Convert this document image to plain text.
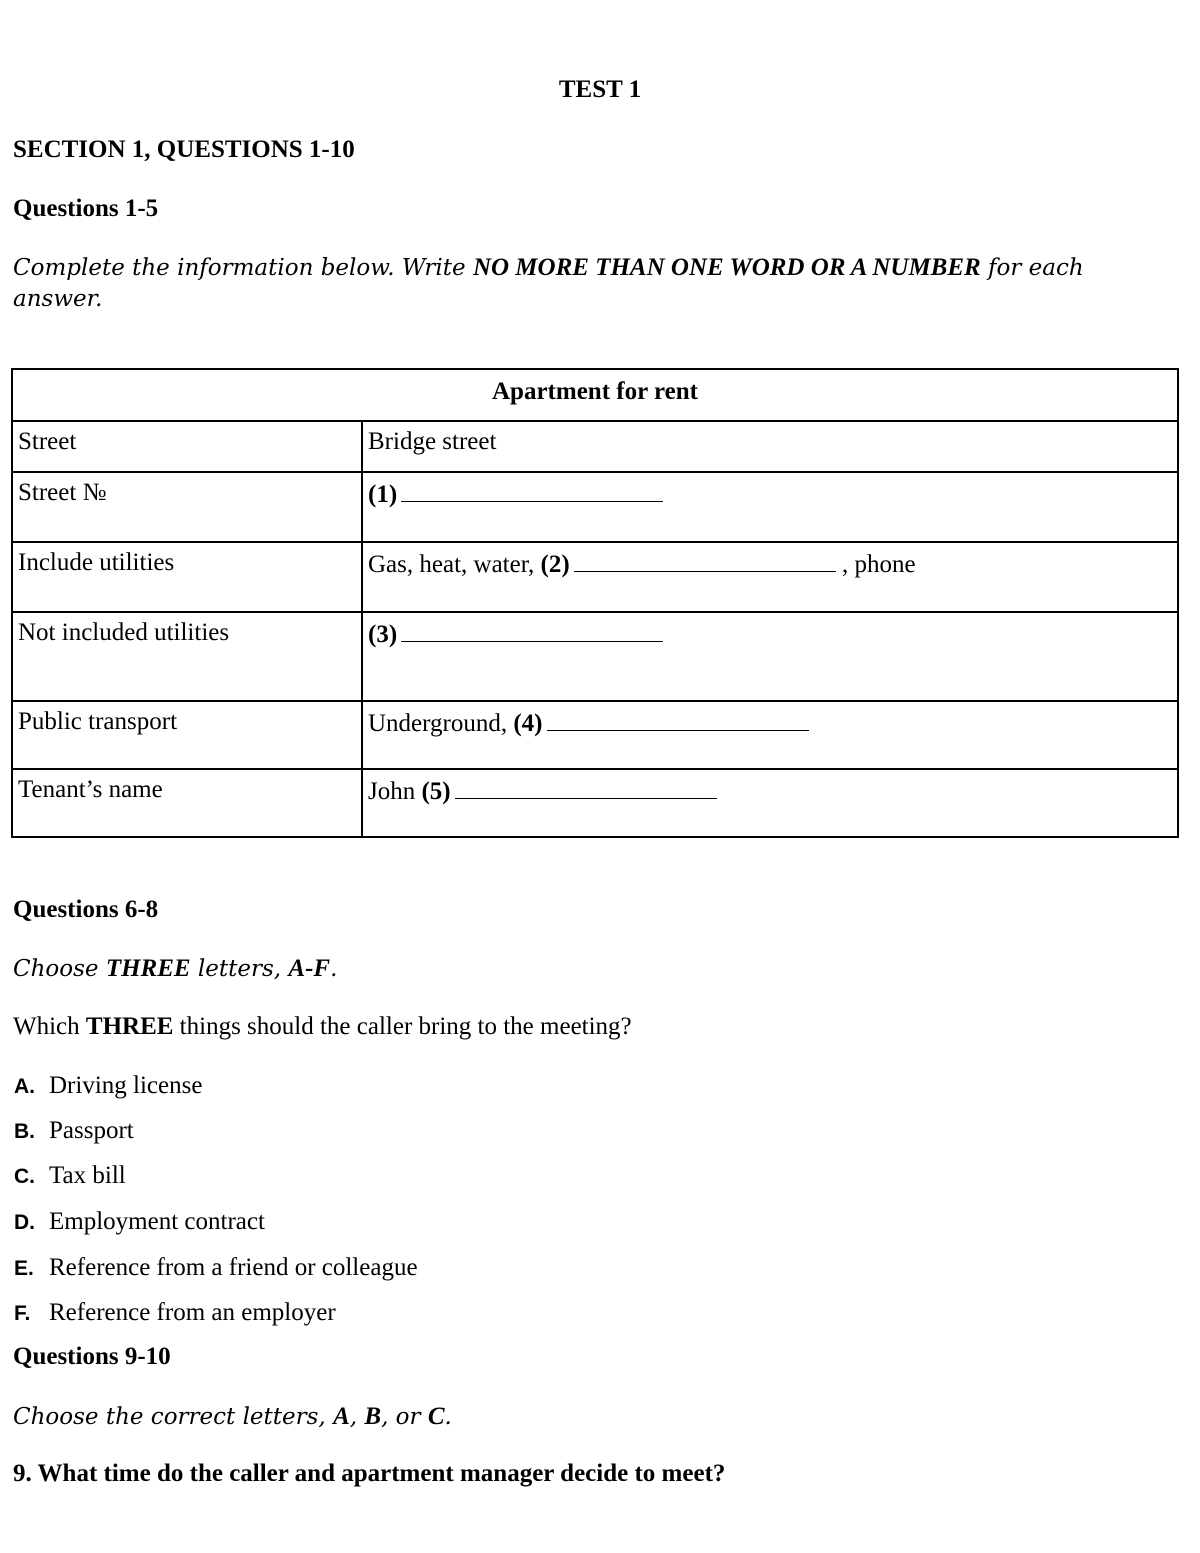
TEST 1
SECTION 1, QUESTIONS 1-10
Questions 1-5
Complete the information below. Write NO MORE THAN ONE WORD OR A NUMBER for each
answer.
Apartment for rent	
Street	Bridge street
Street №	(1)
Include utilities	Gas, heat, water, (2) , phone
Not included utilities	(3)
Public transport	Underground, (4)
Tenant’s name	John (5)
Questions 6-8
Choose THREE letters, A-F.
Which THREE things should the caller bring to the meeting?
A. Driving license
B. Passport
C. Tax bill
D. Employment contract
E. Reference from a friend or colleague
F. Reference from an employer
Questions 9-10
Choose the correct letters, A, B, or C.
9. What time do the caller and apartment manager decide to meet?
